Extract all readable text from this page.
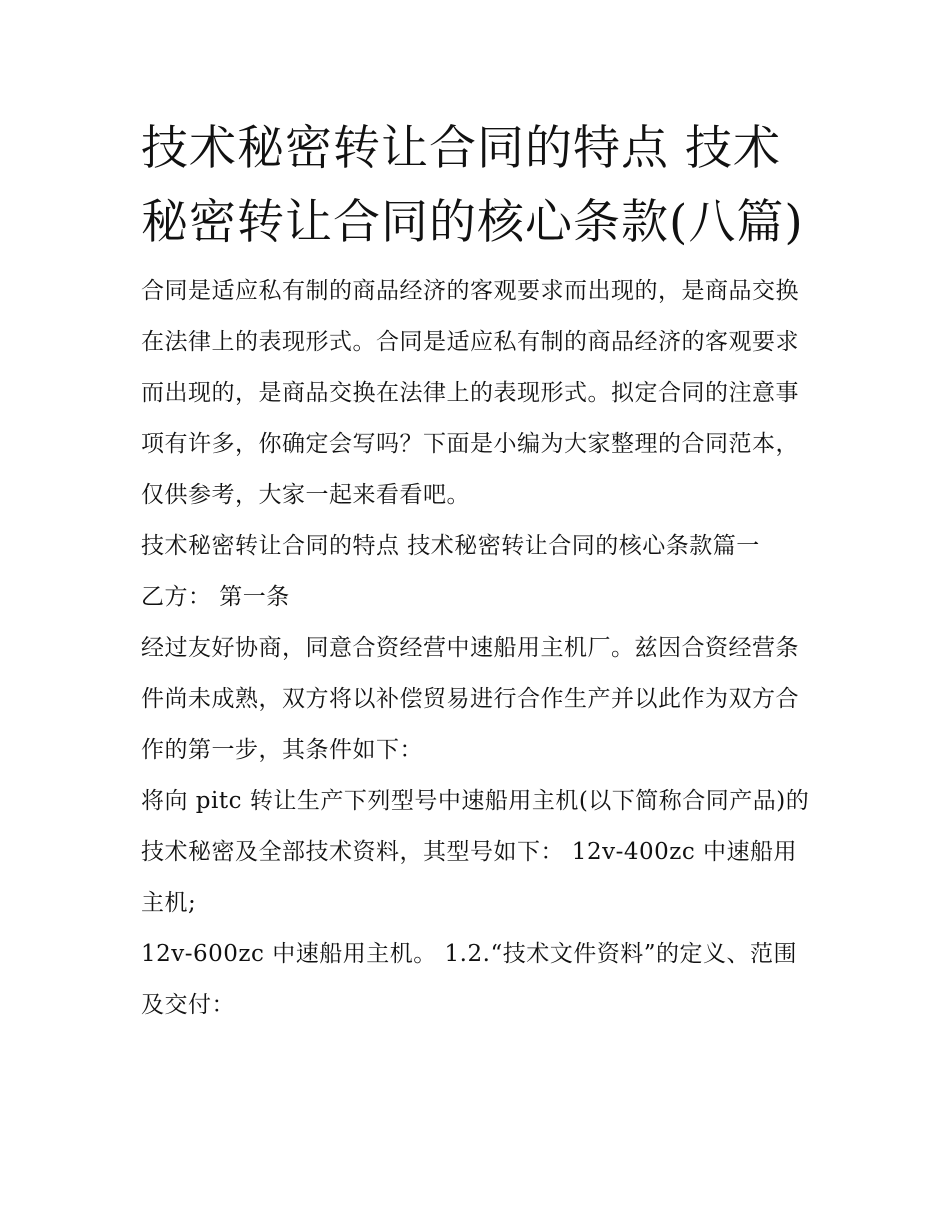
技术秘密转让合同的特点 技术秘密转让合同的核心条款(八篇)

合同是适应私有制的商品经济的客观要求而出现的，是商品交换在法律上的表现形式。合同是适应私有制的商品经济的客观要求而出现的，是商品交换在法律上的表现形式。拟定合同的注意事项有许多，你确定会写吗？下面是小编为大家整理的合同范本，仅供参考，大家一起来看看吧。

技术秘密转让合同的特点 技术秘密转让合同的核心条款篇一

乙方： 第一条

经过友好协商，同意合资经营中速船用主机厂。兹因合资经营条件尚未成熟，双方将以补偿贸易进行合作生产并以此作为双方合作的第一步，其条件如下：

将向 pitc 转让生产下列型号中速船用主机(以下简称合同产品)的技术秘密及全部技术资料，其型号如下： 12v-400zc 中速船用主机;

12v-600zc 中速船用主机。 1.2.“技术文件资料”的定义、范围及交付：
